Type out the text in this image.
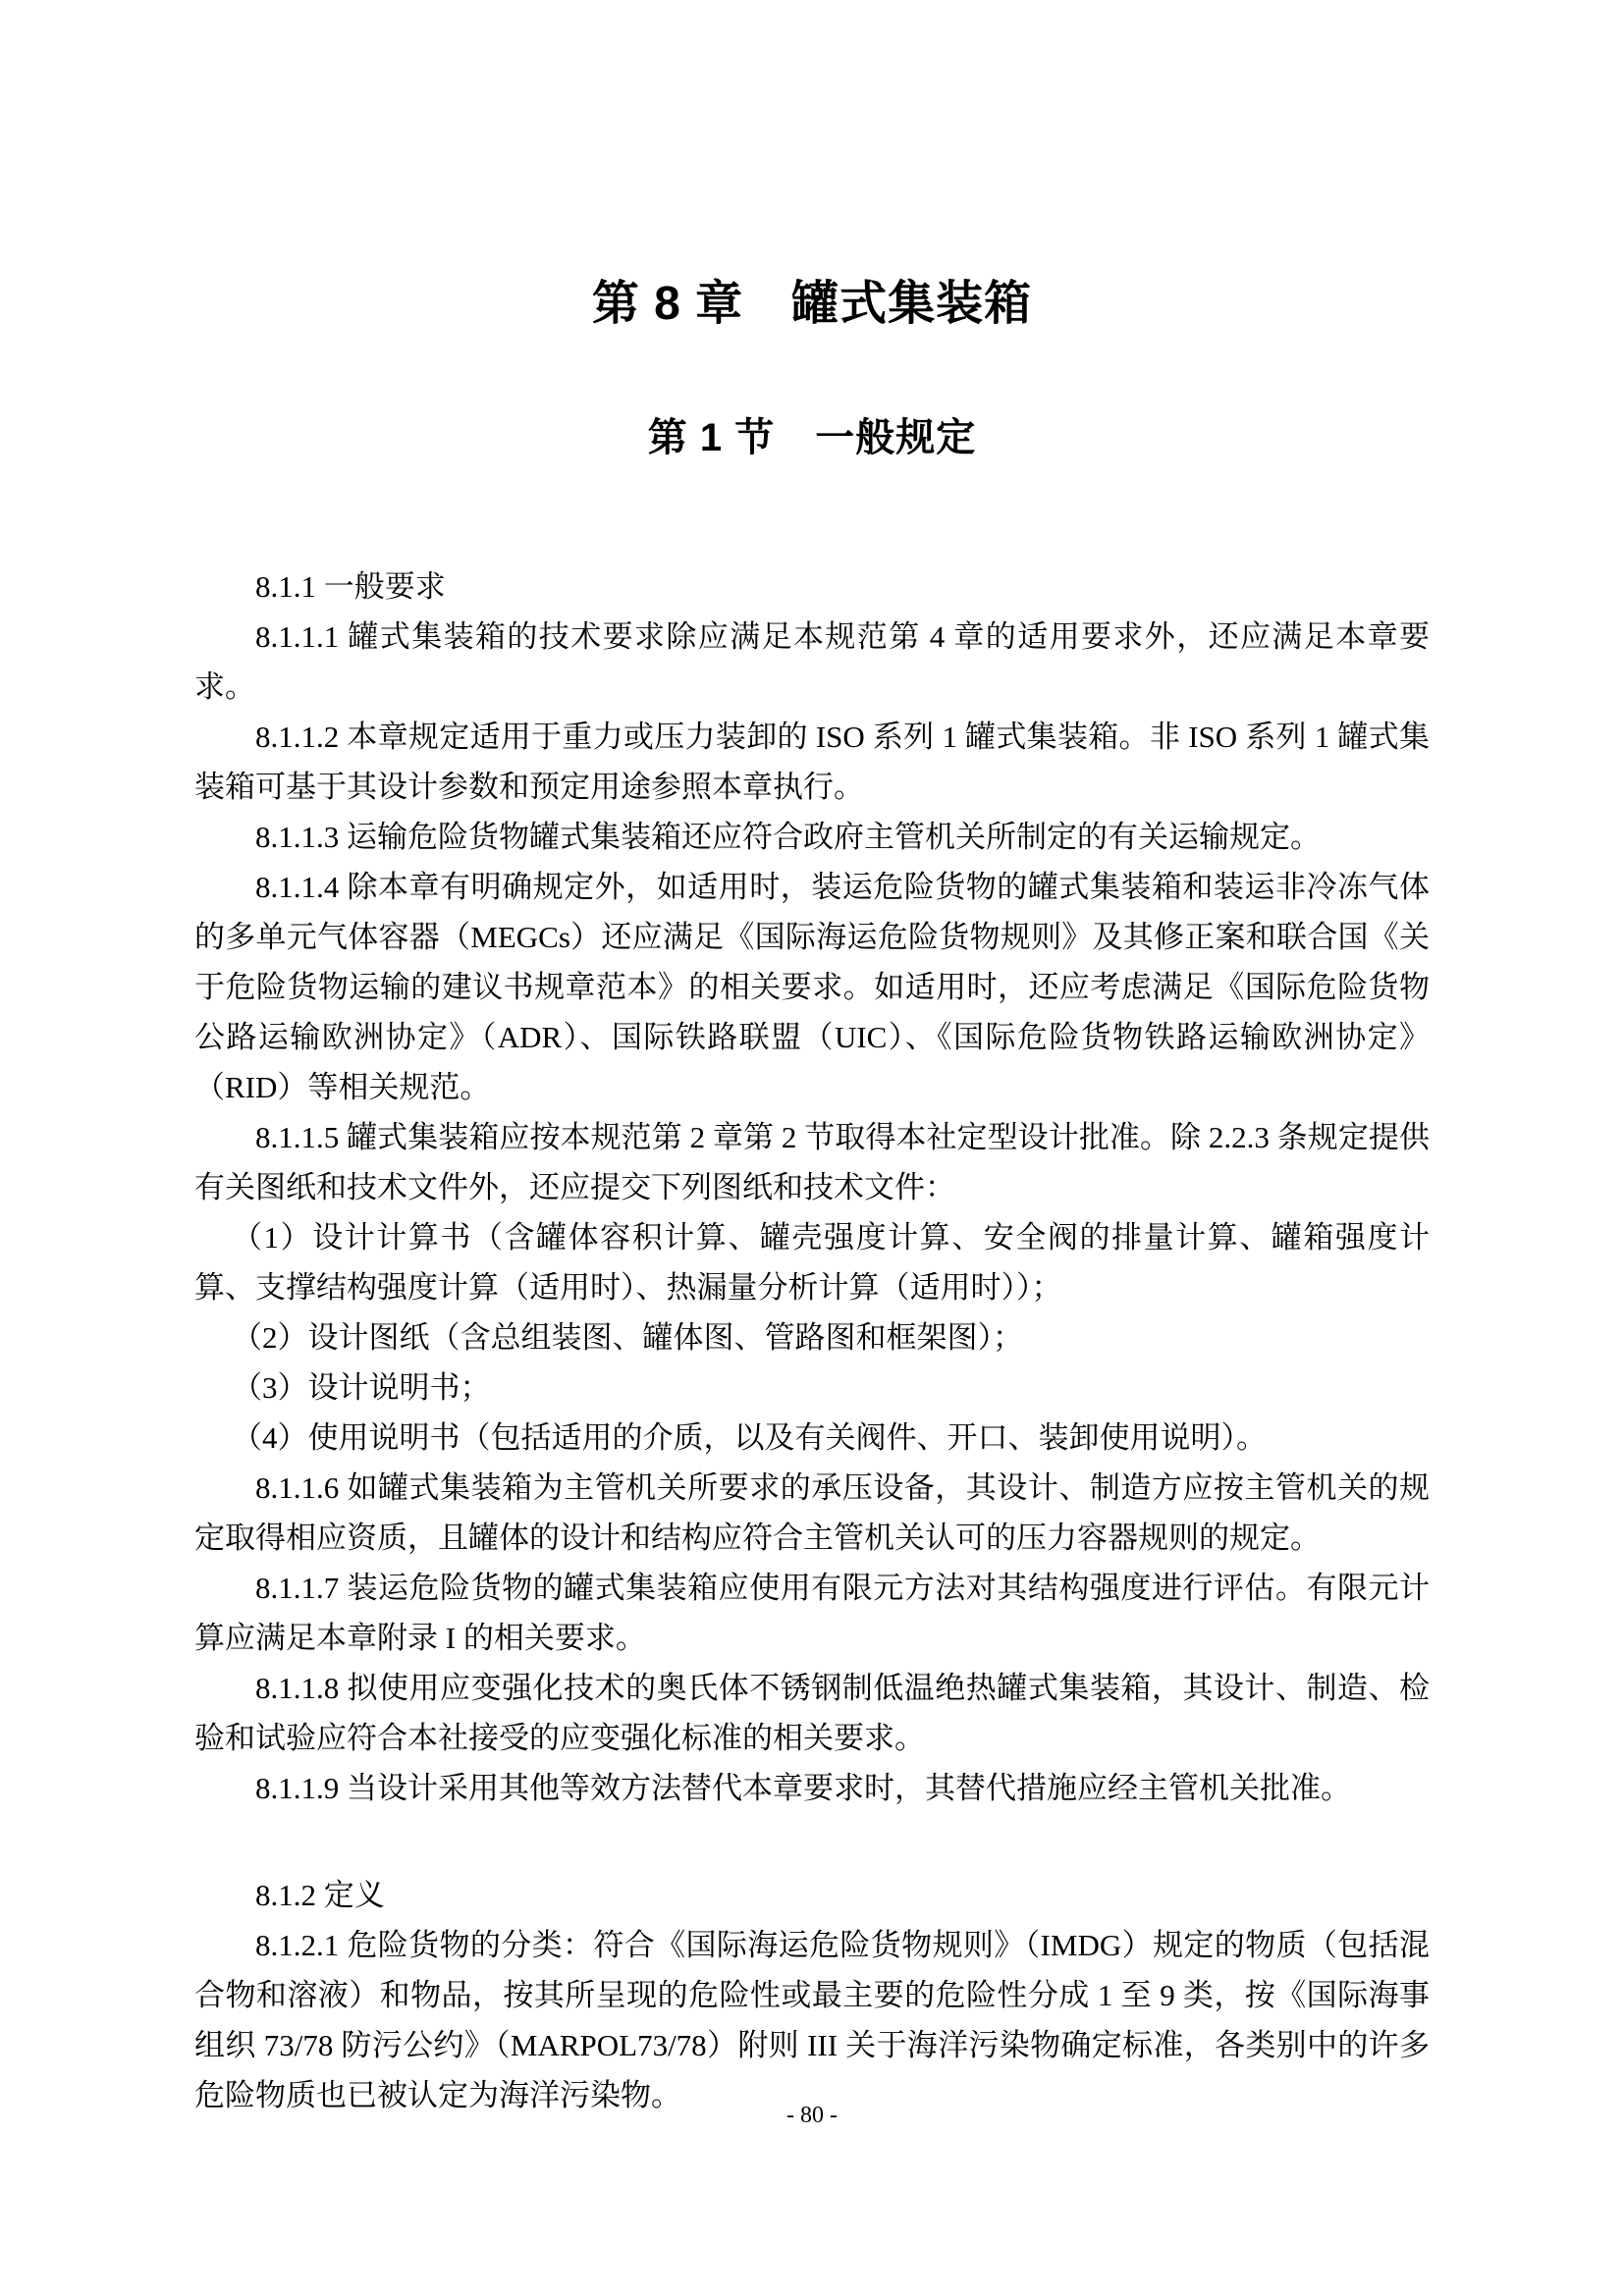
第 8 章　罐式集装箱
第 1 节　一般规定

8.1.1 一般要求

8.1.1.1 罐式集装箱的技术要求除应满足本规范第 4 章的适用要求外，还应满足本章要求。

8.1.1.2 本章规定适用于重力或压力装卸的 ISO 系列 1 罐式集装箱。非 ISO 系列 1 罐式集装箱可基于其设计参数和预定用途参照本章执行。

8.1.1.3 运输危险货物罐式集装箱还应符合政府主管机关所制定的有关运输规定。

8.1.1.4 除本章有明确规定外，如适用时，装运危险货物的罐式集装箱和装运非冷冻气体的多单元气体容器（MEGCs）还应满足《国际海运危险货物规则》及其修正案和联合国《关于危险货物运输的建议书规章范本》的相关要求。如适用时，还应考虑满足《国际危险货物公路运输欧洲协定》（ADR）、国际铁路联盟（UIC）、《国际危险货物铁路运输欧洲协定》（RID）等相关规范。

8.1.1.5 罐式集装箱应按本规范第 2 章第 2 节取得本社定型设计批准。除 2.2.3 条规定提供有关图纸和技术文件外，还应提交下列图纸和技术文件：

（1）设计计算书（含罐体容积计算、罐壳强度计算、安全阀的排量计算、罐箱强度计算、支撑结构强度计算（适用时）、热漏量分析计算（适用时））；

（2）设计图纸（含总组装图、罐体图、管路图和框架图）；

（3）设计说明书；

（4）使用说明书（包括适用的介质，以及有关阀件、开口、装卸使用说明）。

8.1.1.6 如罐式集装箱为主管机关所要求的承压设备，其设计、制造方应按主管机关的规定取得相应资质，且罐体的设计和结构应符合主管机关认可的压力容器规则的规定。

8.1.1.7 装运危险货物的罐式集装箱应使用有限元方法对其结构强度进行评估。有限元计算应满足本章附录 I 的相关要求。

8.1.1.8 拟使用应变强化技术的奥氏体不锈钢制低温绝热罐式集装箱，其设计、制造、检验和试验应符合本社接受的应变强化标准的相关要求。

8.1.1.9 当设计采用其他等效方法替代本章要求时，其替代措施应经主管机关批准。

8.1.2 定义

8.1.2.1 危险货物的分类：符合《国际海运危险货物规则》（IMDG）规定的物质（包括混合物和溶液）和物品，按其所呈现的危险性或最主要的危险性分成 1 至 9 类，按《国际海事组织 73/78 防污公约》（MARPOL73/78）附则 III 关于海洋污染物确定标准，各类别中的许多危险物质也已被认定为海洋污染物。

- 80 -
